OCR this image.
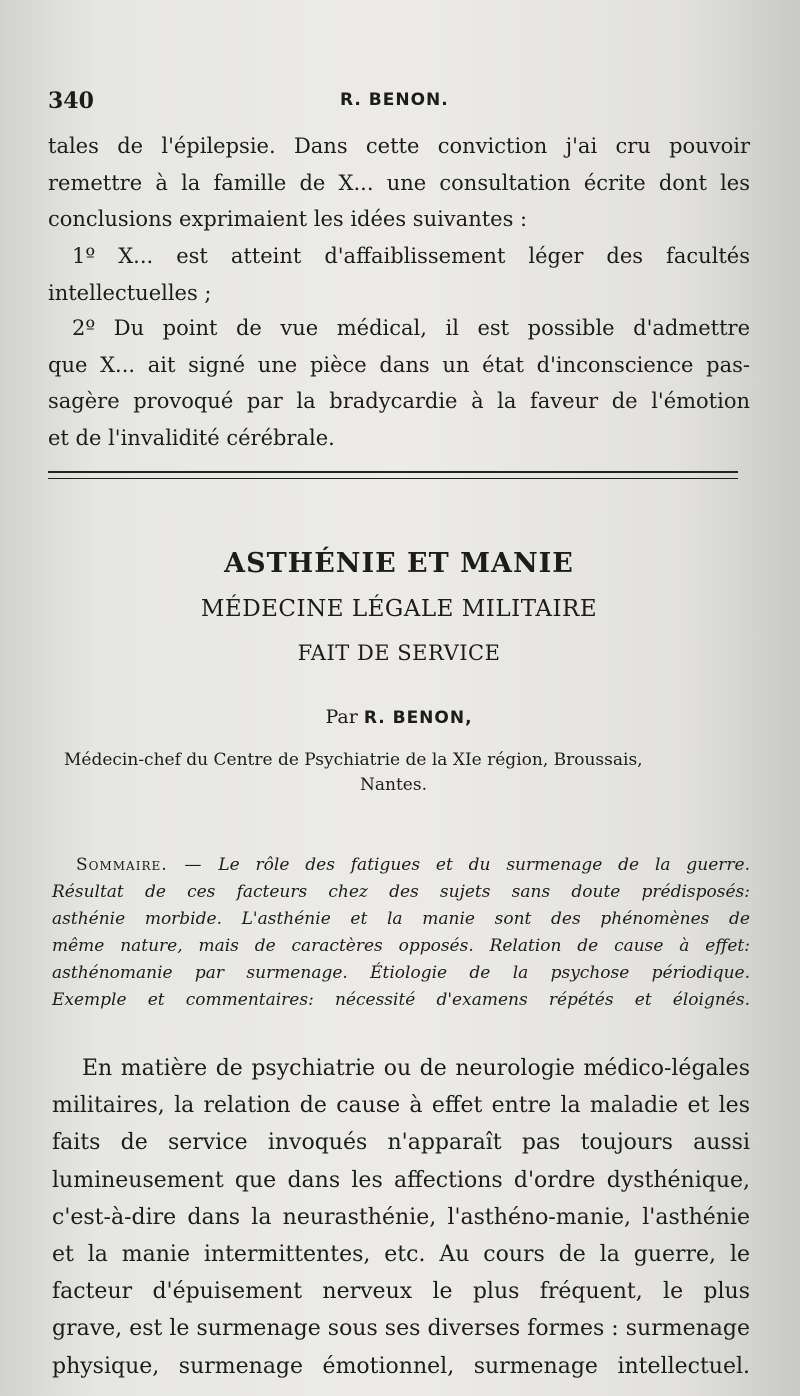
340	R. BENON.
tales de l'épilepsie. Dans cette conviction j'ai cru pouvoir
remettre à la famille de X... une consultation écrite dont les
conclusions exprimaient les idées suivantes :
1º X... est atteint d'affaiblissement léger des facultés
intellectuelles ;
2º Du point de vue médical, il est possible d'admettre
que X... ait signé une pièce dans un état d'inconscience pas-
sagère provoqué par la bradycardie à la faveur de l'émotion
et de l'invalidité cérébrale.
ASTHÉNIE ET MANIE
MÉDECINE LÉGALE MILITAIRE
FAIT DE SERVICE
Par R. BENON,
Médecin-chef du Centre de Psychiatrie de la XIe région, Broussais,
Nantes.
Sommaire. — Le rôle des fatigues et du surmenage de la guerre.
Résultat de ces facteurs chez des sujets sans doute prédisposés:
asthénie morbide. L'asthénie et la manie sont des phénomènes de
même nature, mais de caractères opposés. Relation de cause à effet:
asthénomanie par surmenage. Étiologie de la psychose périodique.
Exemple et commentaires: nécessité d'examens répétés et éloignés.
En matière de psychiatrie ou de neurologie médico-légales
militaires, la relation de cause à effet entre la maladie et les
faits de service invoqués n'apparaît pas toujours aussi
lumineusement que dans les affections d'ordre dysthénique,
c'est-à-dire dans la neurasthénie, l'asthéno-manie, l'asthénie
et la manie intermittentes, etc. Au cours de la guerre, le
facteur d'épuisement nerveux le plus fréquent, le plus
grave, est le surmenage sous ses diverses formes : surmenage
physique, surmenage émotionnel, surmenage intellectuel.
